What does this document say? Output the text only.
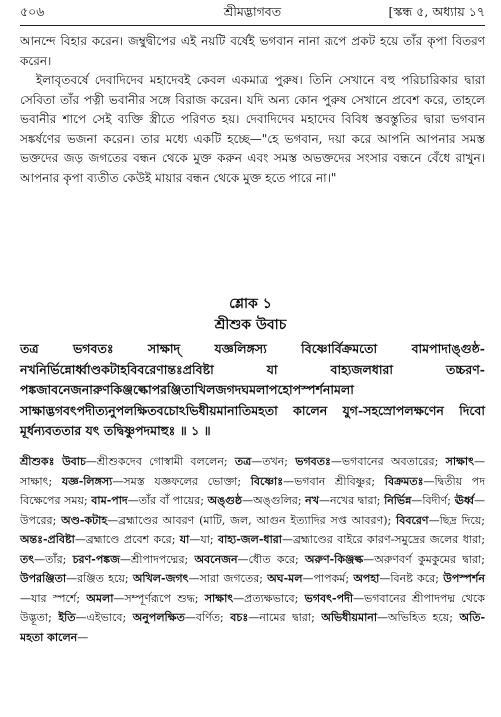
৫০৬	শ্রীমদ্ভাগবত	[স্কন্ধ ৫, অধ্যায় ১৭

আনন্দে বিহার করেন। জম্বুদ্বীপের এই নয়টি বর্ষেই ভগবান নানা রূপে প্রকট হয়ে তাঁর কৃপা বিতরণ করেন।

ইলাবৃতবর্ষে দেবাদিদেব মহাদেবই কেবল একমাত্র পুরুষ। তিনি সেখানে বহু পরিচারিকার দ্বারা সেবিতা তাঁর পত্নী ভবানীর সঙ্গে বিরাজ করেন। যদি অন্য কোন পুরুষ সেখানে প্রবেশ করে, তাহলে ভবানীর শাপে সেই ব্যক্তি স্ত্রীতে পরিণত হয়। দেবাদিদেব মহাদেব বিবিধ স্তবস্তুতির দ্বারা ভগবান সঙ্কর্ষণের ভজনা করেন। তার মধ্যে একটি হচ্ছে—"হে ভগবান, দয়া করে আপনি আপনার সমস্ত ভক্তদের জড় জগতের বন্ধন থেকে মুক্ত করুন এবং সমস্ত অভক্তদের সংসার বন্ধনে বেঁধে রাখুন। আপনার কৃপা ব্যতীত কেউই মায়ার বন্ধন থেকে মুক্ত হতে পারে না।"

শ্লোক ১
শ্রীশুক উবাচ
তত্র ভগবতঃ সাক্ষাদ্ যজ্ঞলিঙ্গস্য বিষ্ণোর্বিক্রমতো বামপাদাঙ্গুষ্ঠ-নখনির্ভিন্নোর্ধ্বাণ্ডকটাহবিবরেণান্তঃপ্রবিষ্টা যা বাহ্যজলধারা তচ্চরণ-পঙ্কজাবনেজনারুণকিঞ্জল্কোপরঞ্জিতাখিলজগদঘমলাপহোপস্পর্শনামলা সাক্ষাদ্ভগবৎপদীত্যনুপলক্ষিতবচোঽভিধীয়মানাতিমহতা কালেন যুগ-সহস্রোপলক্ষণেন দিবো মূর্ধন্যবততার যৎ তদ্বিষ্ণুপদমাহুঃ ॥ ১ ॥

শ্রীশুকঃ উবাচ—শ্রীশুকদেব গোস্বামী বললেন; তত্র—তখন; ভগবতঃ—ভগবানের অবতারের; সাক্ষাৎ—সাক্ষাৎ; যজ্ঞ-লিঙ্গস্য—সমস্ত যজ্ঞফলের ভোক্তা; বিষ্ণোঃ—ভগবান শ্রীবিষ্ণুর; বিক্রমতঃ—দ্বিতীয় পদ বিক্ষেপের সময়; বাম-পাদ—তাঁর বাঁ পায়ের; অঙ্গুষ্ঠ—অঙ্গুলির; নখ—নখের দ্বারা; নির্ভিন্ন—বিদীর্ণ; ঊর্ধ্ব—উপরের; অণ্ড-কটাহ—ব্রহ্মাণ্ডের আবরণ (মাটি, জল, আগুন ইত্যাদির সপ্ত আবরণ); বিবরেণ—ছিদ্র দিয়ে; অন্তঃ-প্রবিষ্টা—ব্রহ্মাণ্ডে প্রবেশ করে; যা—যা; বাহ্য-জল-ধারা—ব্রহ্মাণ্ডের বাইরে কারণ-সমুদ্রের জলের ধারা; তৎ—তাঁর; চরণ-পঙ্কজ—শ্রীপাদপদ্মের; অবনেজন—ধৌত করে; অরুণ-কিঞ্জল্ক—অরুণবর্ণ কুমকুমের দ্বারা; উপরঞ্জিতা—রঞ্জিত হয়ে; অখিল-জগৎ—সারা জগতের; অঘ-মল—পাপকর্ম; অপহা—বিনষ্ট করে; উপস্পর্শন—যার স্পর্শে; অমলা—সম্পূর্ণরূপে শুদ্ধ; সাক্ষাৎ—প্রত্যক্ষভাবে; ভগবৎ-পদী—ভগবানের শ্রীপাদপদ্ম থেকে উদ্ভূতা; ইতি—এইভাবে; অনুপলক্ষিত—বর্ণিত; বচঃ—নামের দ্বারা; অভিধীয়মানা—অভিহিত হয়ে; অতি-মহতা কালেন—
